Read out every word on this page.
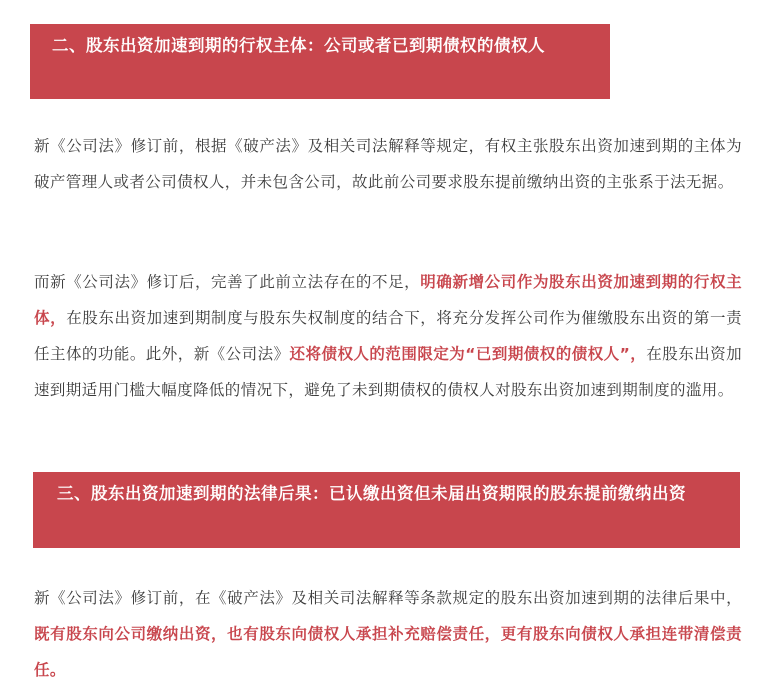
二、股东出资加速到期的行权主体：公司或者已到期债权的债权人

新《公司法》修订前，根据《破产法》及相关司法解释等规定，有权主张股东出资加速到期的主体为破产管理人或者公司债权人，并未包含公司，故此前公司要求股东提前缴纳出资的主张系于法无据。

而新《公司法》修订后，完善了此前立法存在的不足，明确新增公司作为股东出资加速到期的行权主体，在股东出资加速到期制度与股东失权制度的结合下，将充分发挥公司作为催缴股东出资的第一责任主体的功能。此外，新《公司法》还将债权人的范围限定为“已到期债权的债权人”，在股东出资加速到期适用门槛大幅度降低的情况下，避免了未到期债权的债权人对股东出资加速到期制度的滥用。

三、股东出资加速到期的法律后果：已认缴出资但未届出资期限的股东提前缴纳出资

新《公司法》修订前，在《破产法》及相关司法解释等条款规定的股东出资加速到期的法律后果中，既有股东向公司缴纳出资，也有股东向债权人承担补充赔偿责任，更有股东向债权人承担连带清偿责任。
